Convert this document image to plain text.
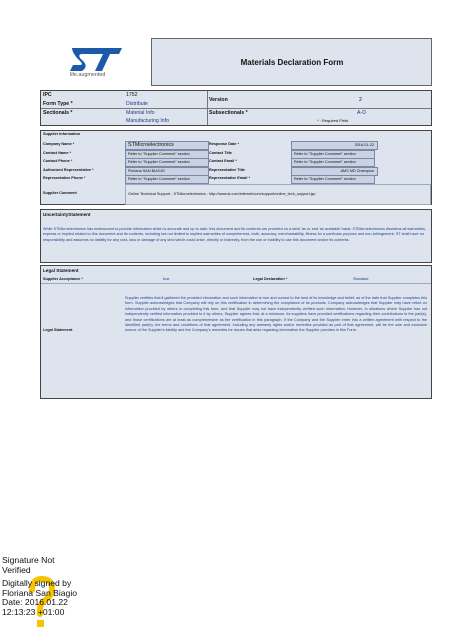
life.augmented
Materials Declaration Form
IPC	1752
Form Type *	Distribute
Version	2
Sectionals *	Material Info
Manufacturing Info
Subsectionals *	A-D
* : Required Field
Supplier Information
Company Name *	STMicroelectronics	Response Date *	2016-01-22
Contact Name *	Refer to "Supplier Comment" section	Contact Title	Refer to "Supplier Comment" section
Contact Phone *	Refer to "Supplier Comment" section	Contact Email *	Refer to "Supplier Comment" section
Authorized Representative *	Floriana SAN BIAGIO	Representative Title	AMS MD Champion
Representative Phone *	Refer to "Supplier Comment" section	Representative Email *	Refer to "Supplier Comment" section
Supplier Comment	Online Technical Support - STMicroelectronics : http://www.st.com/internet/com/support/online_tech_support.jsp
UncertaintyStatement
While STMicroelectronics has endeavored to provide information which is accurate and up to date, this document and its contents are provided on a strict 'as is' and 'as available' basis. STMicroelectronics disclaims all warranties, express or implied related to this document and its contents, including but not limited to implied warranties of completeness, truth, accuracy, merchantability, fitness for a particular purpose and non-infringement. ST shall have no responsibility and assumes no liability for any cost, loss or damage of any kind which could arise, directly or indirectly, from the use or inability to use this document and/or its contents.
Legal Statement
Supplier Acceptance *	true	Legal Declaration *	Standard
Legal Statement
Supplier certifies that it gathered the provided information and such information is true and correct to the best of its knowledge and belief, as of the date that Supplier completes this form. Supplier acknowledges that Company will rely on this certification in determining the compliance of its products. Company acknowledges that Supplier may have relied on information provided by others in completing this form, and that Supplier may not have independently verified such information. However, in situations where Supplier has not independently verified information provided to it by others, Supplier agrees that, at a minimum, its suppliers have provided certifications regarding their contributions to the part(s), and those certifications are at least as comprehensive as the certification in this paragraph. If the Company and the Supplier enter into a written agreement with respect to the identified part(s), the terms and conditions of that agreement, including any warranty rights and/or remedies provided as part of that agreement, will be the sole and exclusive source of the Supplier's liability and the Company's remedies for issues that arise regarding information the Supplier provides in this Form.
Signature Not
Verified
Digitally signed by
Floriana San Biagio
Date: 2016.01.22
12:13:23 +01:00
